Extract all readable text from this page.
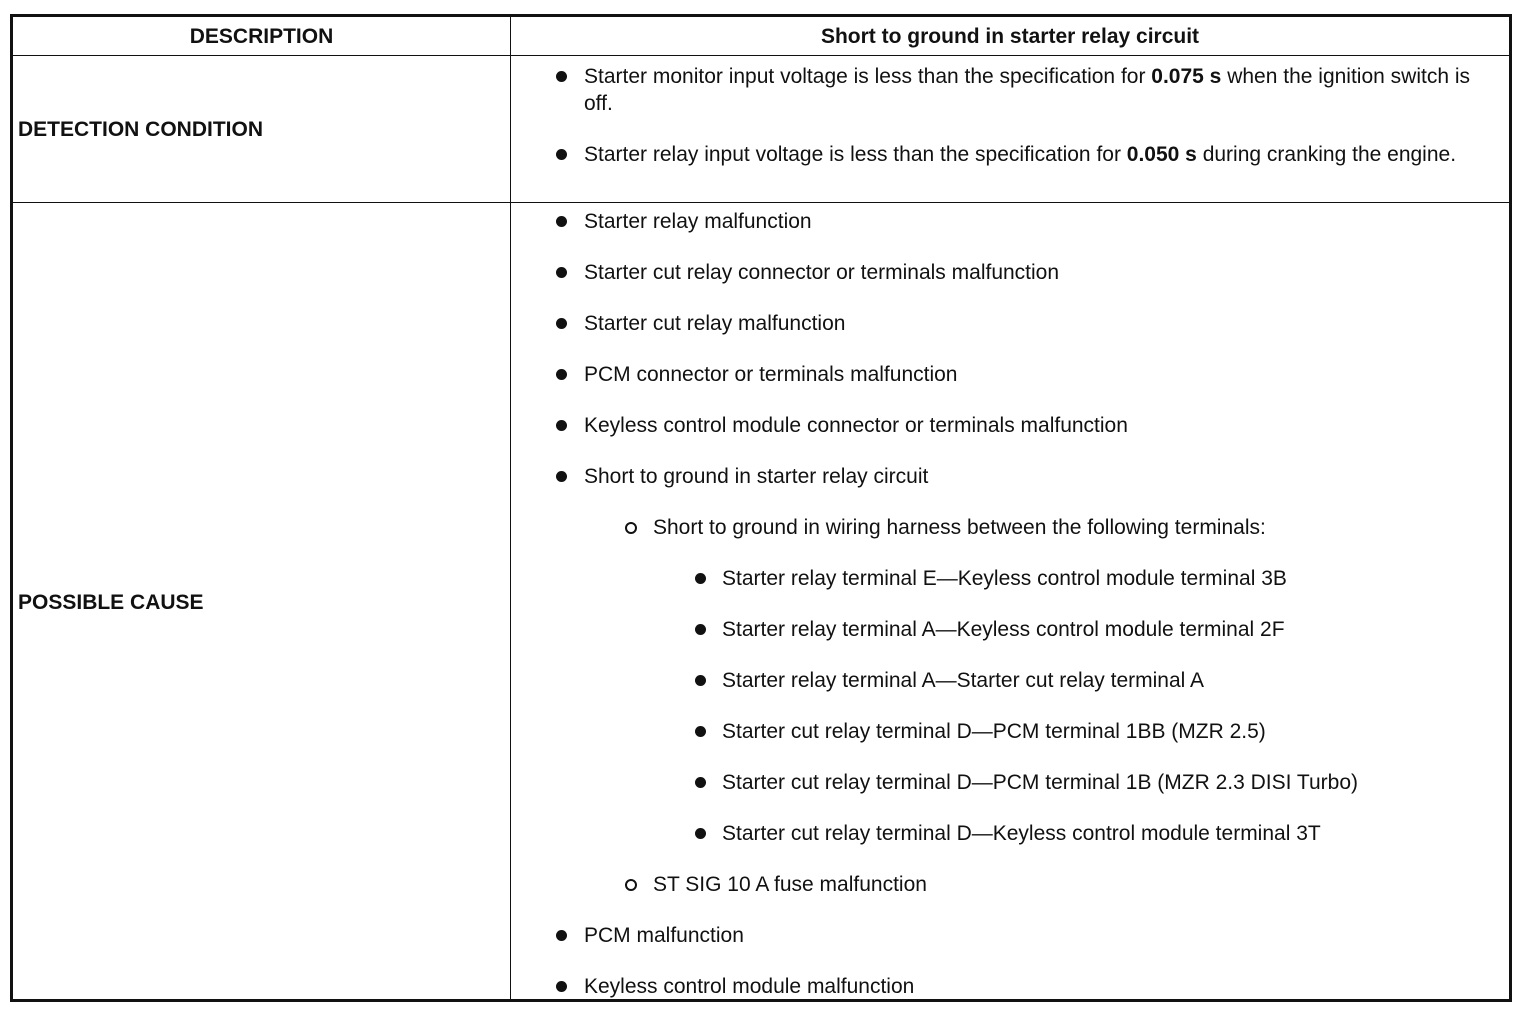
DESCRIPTION	Short to ground in starter relay circuit
DETECTION CONDITION
Starter monitor input voltage is less than the specification for 0.075 s when the ignition switch is off.
Starter relay input voltage is less than the specification for 0.050 s during cranking the engine.
POSSIBLE CAUSE
Starter relay malfunction
Starter cut relay connector or terminals malfunction
Starter cut relay malfunction
PCM connector or terminals malfunction
Keyless control module connector or terminals malfunction
Short to ground in starter relay circuit
Short to ground in wiring harness between the following terminals:
Starter relay terminal E—Keyless control module terminal 3B
Starter relay terminal A—Keyless control module terminal 2F
Starter relay terminal A—Starter cut relay terminal A
Starter cut relay terminal D—PCM terminal 1BB (MZR 2.5)
Starter cut relay terminal D—PCM terminal 1B (MZR 2.3 DISI Turbo)
Starter cut relay terminal D—Keyless control module terminal 3T
ST SIG 10 A fuse malfunction
PCM malfunction
Keyless control module malfunction
